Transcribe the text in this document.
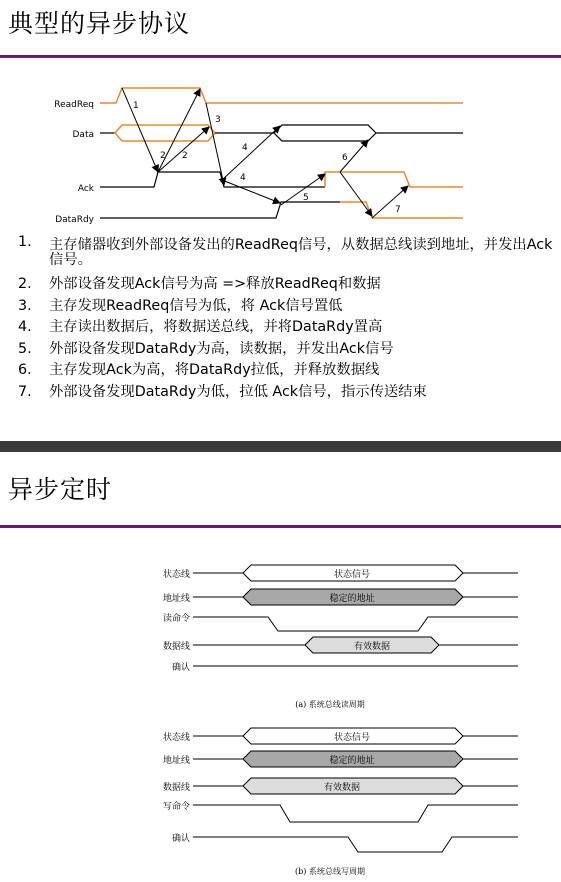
典型的异步协议
ReadReq
Data
Ack
DataRdy
1
2 2
3
4
4
5
6
7
1. 主存储器收到外部设备发出的ReadReq信号，从数据总线读到地址，并发出Ack信号。
2. 外部设备发现Ack信号为高 =>释放ReadReq和数据
3. 主存发现ReadReq信号为低，将 Ack信号置低
4. 主存读出数据后，将数据送总线，并将DataRdy置高
5. 外部设备发现DataRdy为高，读数据，并发出Ack信号
6. 主存发现Ack为高，将DataRdy拉低，并释放数据线
7. 外部设备发现DataRdy为低，拉低 Ack信号，指示传送结束
异步定时
状态线
地址线
读命令
数据线
确认
状态信号
稳定的地址
有效数据
(a) 系统总线读周期
状态线
地址线
数据线
写命令
确认
状态信号
稳定的地址
有效数据
(b) 系统总线写周期
